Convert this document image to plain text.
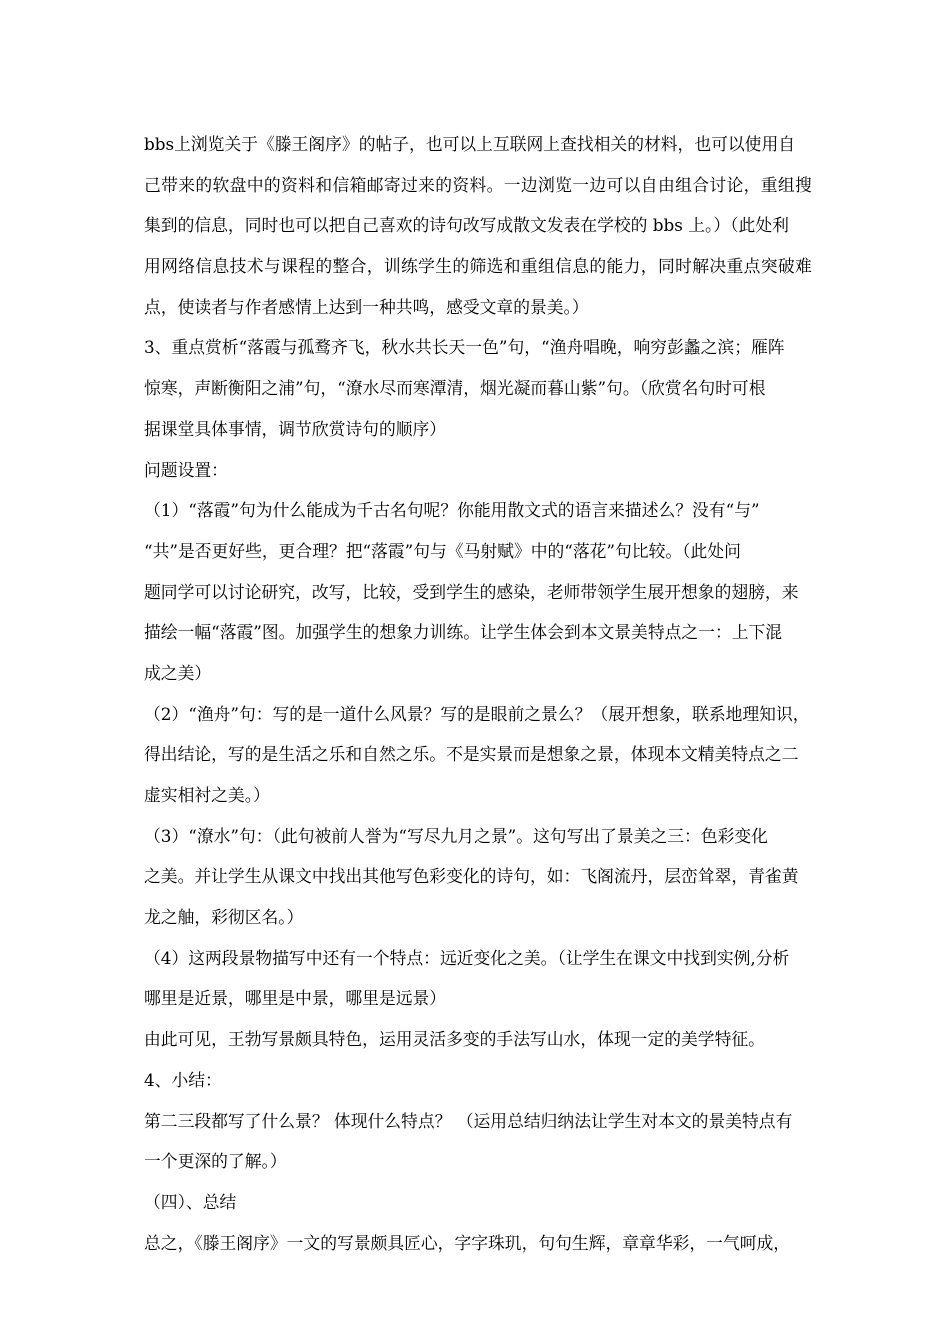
bbs上浏览关于《滕王阁序》的帖子，也可以上互联网上查找相关的材料，也可以使用自
己带来的软盘中的资料和信箱邮寄过来的资料。一边浏览一边可以自由组合讨论，重组搜
集到的信息，同时也可以把自己喜欢的诗句改写成散文发表在学校的 bbs 上。）（此处利
用网络信息技术与课程的整合，训练学生的筛选和重组信息的能力，同时解决重点突破难
点，使读者与作者感情上达到一种共鸣，感受文章的景美。）
3、重点赏析“落霞与孤鹜齐飞，秋水共长天一色”句，“渔舟唱晚，响穷彭蠡之滨；雁阵
惊寒，声断衡阳之浦”句，“潦水尽而寒潭清，烟光凝而暮山紫”句。（欣赏名句时可根
据课堂具体事情，调节欣赏诗句的顺序）
问题设置：
（1）“落霞”句为什么能成为千古名句呢？你能用散文式的语言来描述么？没有“与”
“共”是否更好些，更合理？把“落霞”句与《马射赋》中的“落花”句比较。（此处问
题同学可以讨论研究，改写，比较，受到学生的感染，老师带领学生展开想象的翅膀，来
描绘一幅“落霞”图。加强学生的想象力训练。让学生体会到本文景美特点之一：上下混
成之美）
（2）“渔舟”句：写的是一道什么风景？写的是眼前之景么？（展开想象，联系地理知识，
得出结论，写的是生活之乐和自然之乐。不是实景而是想象之景，体现本文精美特点之二
虚实相衬之美。）
（3）“潦水”句：（此句被前人誉为“写尽九月之景”。这句写出了景美之三：色彩变化
之美。并让学生从课文中找出其他写色彩变化的诗句，如：飞阁流丹，层峦耸翠，青雀黄
龙之舳，彩彻区名。）
（4）这两段景物描写中还有一个特点：远近变化之美。（让学生在课文中找到实例,分析
哪里是近景，哪里是中景，哪里是远景）
由此可见，王勃写景颇具特色，运用灵活多变的手法写山水，体现一定的美学特征。
4、小结：
第二三段都写了什么景？ 体现什么特点？ （运用总结归纳法让学生对本文的景美特点有
一个更深的了解。）
（四）、总结
总之，《滕王阁序》一文的写景颇具匠心，字字珠玑，句句生辉，章章华彩，一气呵成，
